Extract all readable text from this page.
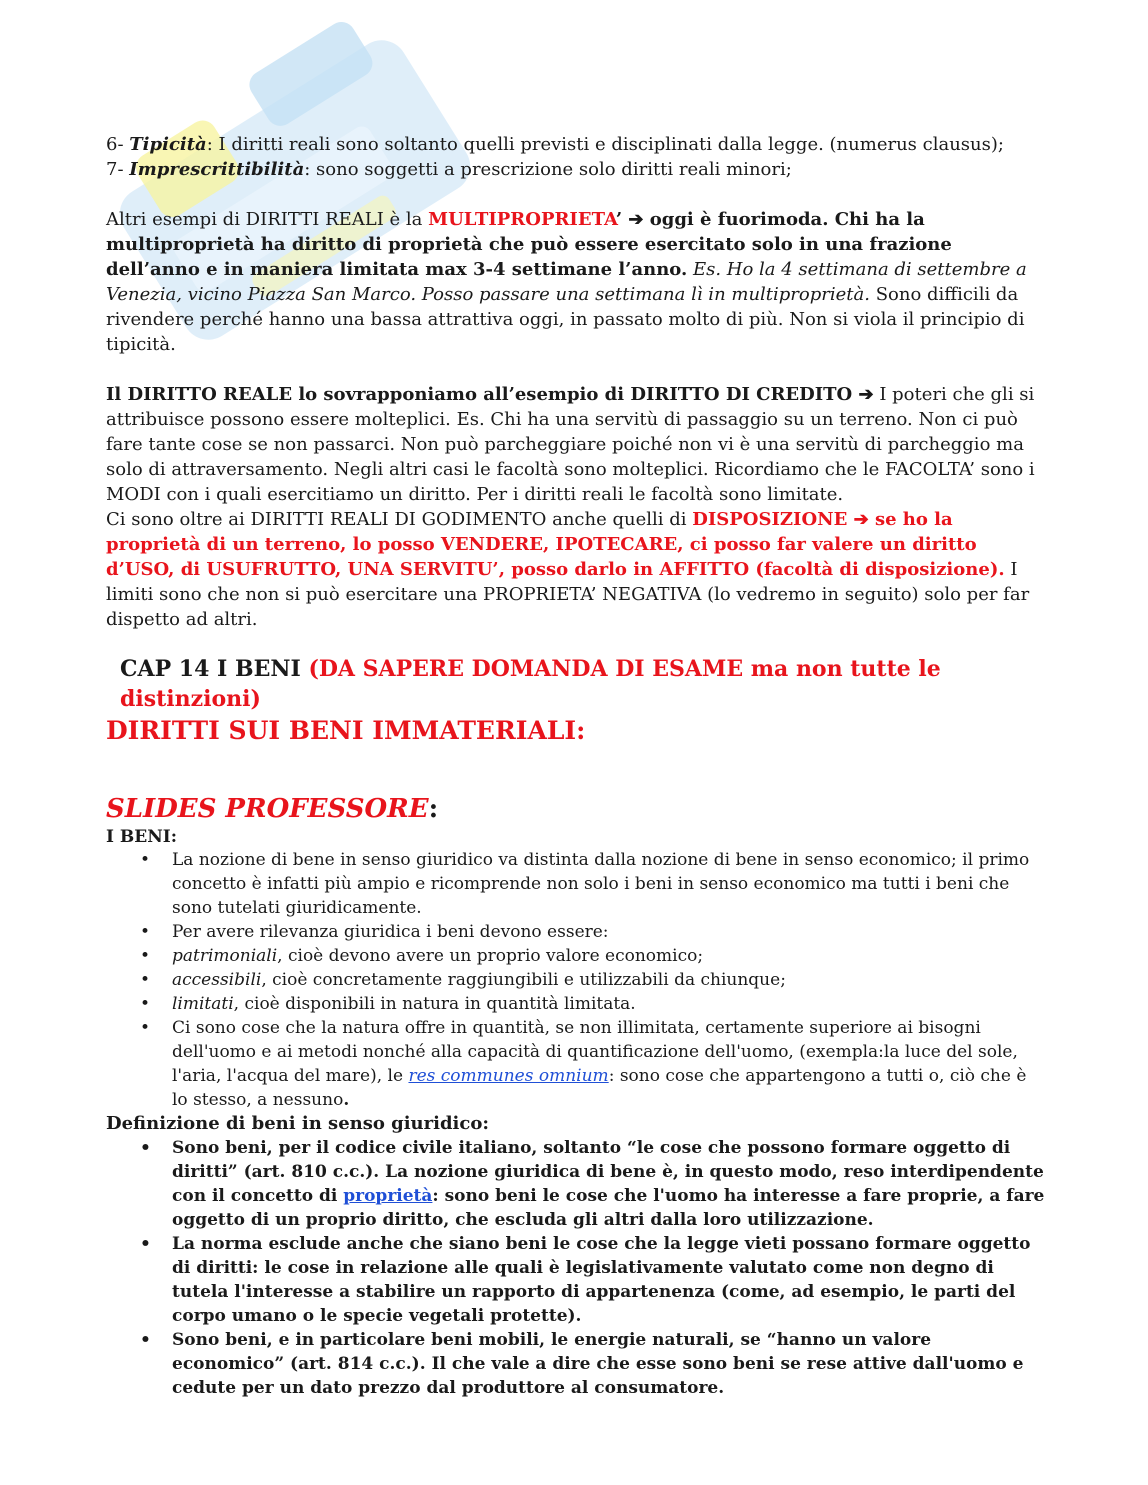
6- Tipicità: I diritti reali sono soltanto quelli previsti e disciplinati dalla legge. (numerus clausus);

7- Imprescrittibilità: sono soggetti a prescrizione solo diritti reali minori;

Altri esempi di DIRITTI REALI è la MULTIPROPRIETA’ ➔ oggi è fuorimoda. Chi ha la multiproprietà ha diritto di proprietà che può essere esercitato solo in una frazione dell’anno e in maniera limitata max 3-4 settimane l’anno. Es. Ho la 4 settimana di settembre a Venezia, vicino Piazza San Marco. Posso passare una settimana lì in multiproprietà. Sono difficili da rivendere perché hanno una bassa attrattiva oggi, in passato molto di più. Non si viola il principio di tipicità.

Il DIRITTO REALE lo sovrapponiamo all’esempio di DIRITTO DI CREDITO ➔ I poteri che gli si attribuisce possono essere molteplici. Es. Chi ha una servitù di passaggio su un terreno. Non ci può fare tante cose se non passarci. Non può parcheggiare poiché non vi è una servitù di parcheggio ma solo di attraversamento. Negli altri casi le facoltà sono molteplici. Ricordiamo che le FACOLTA’ sono i MODI con i quali esercitiamo un diritto. Per i diritti reali le facoltà sono limitate.

Ci sono oltre ai DIRITTI REALI DI GODIMENTO anche quelli di DISPOSIZIONE ➔ se ho la proprietà di un terreno, lo posso VENDERE, IPOTECARE, ci posso far valere un diritto d’USO, di USUFRUTTO, UNA SERVITU’, posso darlo in AFFITTO (facoltà di disposizione). I limiti sono che non si può esercitare una PROPRIETA’ NEGATIVA (lo vedremo in seguito) solo per far dispetto ad altri.

CAP 14 I BENI (DA SAPERE DOMANDA DI ESAME ma non tutte le distinzioni)

DIRITTI SUI BENI IMMATERIALI:

SLIDES PROFESSORE:

I BENI:

• La nozione di bene in senso giuridico va distinta dalla nozione di bene in senso economico; il primo concetto è infatti più ampio e ricomprende non solo i beni in senso economico ma tutti i beni che sono tutelati giuridicamente.
• Per avere rilevanza giuridica i beni devono essere:
• patrimoniali, cioè devono avere un proprio valore economico;
• accessibili, cioè concretamente raggiungibili e utilizzabili da chiunque;
• limitati, cioè disponibili in natura in quantità limitata.
• Ci sono cose che la natura offre in quantità, se non illimitata, certamente superiore ai bisogni dell'uomo e ai metodi nonché alla capacità di quantificazione dell'uomo, (exempla:la luce del sole, l'aria, l'acqua del mare), le res communes omnium: sono cose che appartengono a tutti o, ciò che è lo stesso, a nessuno.

Definizione di beni in senso giuridico:

• Sono beni, per il codice civile italiano, soltanto “le cose che possono formare oggetto di diritti” (art. 810 c.c.). La nozione giuridica di bene è, in questo modo, reso interdipendente con il concetto di proprietà: sono beni le cose che l'uomo ha interesse a fare proprie, a fare oggetto di un proprio diritto, che escluda gli altri dalla loro utilizzazione.
• La norma esclude anche che siano beni le cose che la legge vieti possano formare oggetto di diritti: le cose in relazione alle quali è legislativamente valutato come non degno di tutela l'interesse a stabilire un rapporto di appartenenza (come, ad esempio, le parti del corpo umano o le specie vegetali protette).
• Sono beni, e in particolare beni mobili, le energie naturali, se “hanno un valore economico” (art. 814 c.c.). Il che vale a dire che esse sono beni se rese attive dall'uomo e cedute per un dato prezzo dal produttore al consumatore.
